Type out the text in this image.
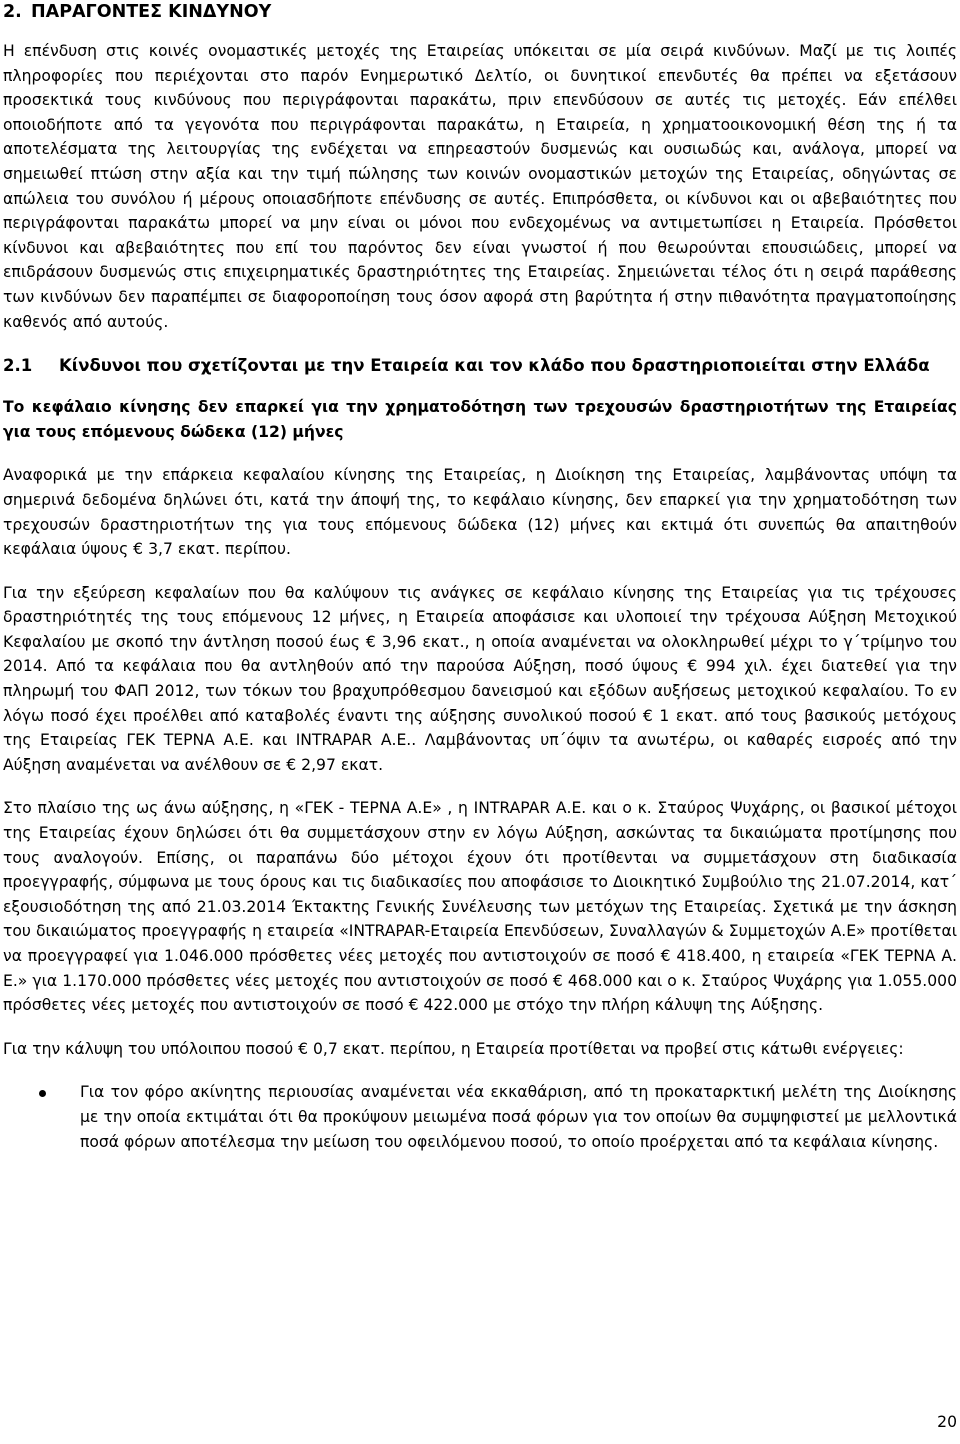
2. ΠΑΡΑΓΟΝΤΕΣ ΚΙΝΔΥΝΟΥ

Η επένδυση στις κοινές ονομαστικές μετοχές της Εταιρείας υπόκειται σε μία σειρά κινδύνων. Μαζί με τις λοιπές πληροφορίες που περιέχονται στο παρόν Ενημερωτικό Δελτίο, οι δυνητικοί επενδυτές θα πρέπει να εξετάσουν προσεκτικά τους κινδύνους που περιγράφονται παρακάτω, πριν επενδύσουν σε αυτές τις μετοχές. Εάν επέλθει οποιοδήποτε από τα γεγονότα που περιγράφονται παρακάτω, η Εταιρεία, η χρηματοοικονομική θέση της ή τα αποτελέσματα της λειτουργίας της ενδέχεται να επηρεαστούν δυσμενώς και ουσιωδώς και, ανάλογα, μπορεί να σημειωθεί πτώση στην αξία και την τιμή πώλησης των κοινών ονομαστικών μετοχών της Εταιρείας, οδηγώντας σε απώλεια του συνόλου ή μέρους οποιασδήποτε επένδυσης σε αυτές. Επιπρόσθετα, οι κίνδυνοι και οι αβεβαιότητες που περιγράφονται παρακάτω μπορεί να μην είναι οι μόνοι που ενδεχομένως να αντιμετωπίσει η Εταιρεία. Πρόσθετοι κίνδυνοι και αβεβαιότητες που επί του παρόντος δεν είναι γνωστοί ή που θεωρούνται επουσιώδεις, μπορεί να επιδράσουν δυσμενώς στις επιχειρηματικές δραστηριότητες της Εταιρείας. Σημειώνεται τέλος ότι η σειρά παράθεσης των κινδύνων δεν παραπέμπει σε διαφοροποίηση τους όσον αφορά στη βαρύτητα ή στην πιθανότητα πραγματοποίησης καθενός από αυτούς.

2.1	Κίνδυνοι που σχετίζονται με την Εταιρεία και τον κλάδο που δραστηριοποιείται στην Ελλάδα
Το κεφάλαιο κίνησης δεν επαρκεί για την χρηματοδότηση των τρεχουσών δραστηριοτήτων της Εταιρείας για τους επόμενους δώδεκα (12) μήνες

Αναφορικά με την επάρκεια κεφαλαίου κίνησης της Εταιρείας, η Διοίκηση της Εταιρείας, λαμβάνοντας υπόψη τα σημερινά δεδομένα δηλώνει ότι, κατά την άποψή της, το κεφάλαιο κίνησης, δεν επαρκεί για την χρηματοδότηση των τρεχουσών δραστηριοτήτων της για τους επόμενους δώδεκα (12) μήνες και εκτιμά ότι συνεπώς θα απαιτηθούν κεφάλαια ύψους € 3,7 εκατ. περίπου.

Για την εξεύρεση κεφαλαίων που θα καλύψουν τις ανάγκες σε κεφάλαιο κίνησης της Εταιρείας για τις τρέχουσες δραστηριότητές της τους επόμενους 12 μήνες, η Εταιρεία αποφάσισε και υλοποιεί την τρέχουσα Αύξηση Μετοχικού Κεφαλαίου με σκοπό την άντληση ποσού έως € 3,96 εκατ., η οποία αναμένεται να ολοκληρωθεί μέχρι το γ΄τρίμηνο του 2014. Από τα κεφάλαια που θα αντληθούν από την παρούσα Αύξηση, ποσό ύψους € 994 χιλ. έχει διατεθεί για την πληρωμή του ΦΑΠ 2012, των τόκων του βραχυπρόθεσμου δανεισμού και εξόδων αυξήσεως μετοχικού κεφαλαίου. Το εν λόγω ποσό έχει προέλθει από καταβολές έναντι της αύξησης συνολικού ποσού € 1 εκατ. από τους βασικούς μετόχους της Εταιρείας ΓΕΚ ΤΕΡΝΑ Α.Ε. και INTRAPAR Α.Ε.. Λαμβάνοντας υπ΄όψιν τα ανωτέρω, οι καθαρές εισροές από την Αύξηση αναμένεται να ανέλθουν σε € 2,97 εκατ.

Στο πλαίσιο της ως άνω αύξησης, η «ΓΕΚ - ΤΕΡΝΑ Α.Ε» , η INTRAPAR Α.Ε. και ο κ. Σταύρος Ψυχάρης, οι βασικοί μέτοχοι της Εταιρείας έχουν δηλώσει ότι θα συμμετάσχουν στην εν λόγω Αύξηση, ασκώντας τα δικαιώματα προτίμησης που τους αναλογούν. Επίσης, οι παραπάνω δύο μέτοχοι έχουν ότι προτίθενται να συμμετάσχουν στη διαδικασία προεγγραφής, σύμφωνα με τους όρους και τις διαδικασίες που αποφάσισε το Διοικητικό Συμβούλιο της 21.07.2014, κατ΄ εξουσιοδότηση της από 21.03.2014 Έκτακτης Γενικής Συνέλευσης των μετόχων της Εταιρείας. Σχετικά με την άσκηση του δικαιώματος προεγγραφής η εταιρεία «INTRAPAR-Εταιρεία Επενδύσεων, Συναλλαγών & Συμμετοχών Α.Ε» προτίθεται να προεγγραφεί για 1.046.000 πρόσθετες νέες μετοχές που αντιστοιχούν σε ποσό € 418.400, η εταιρεία «ΓΕΚ ΤΕΡΝΑ Α. Ε.» για 1.170.000 πρόσθετες νέες μετοχές που αντιστοιχούν σε ποσό € 468.000 και ο κ. Σταύρος Ψυχάρης για 1.055.000 πρόσθετες νέες μετοχές που αντιστοιχούν σε ποσό € 422.000 με στόχο την πλήρη κάλυψη της Αύξησης.

Για την κάλυψη του υπόλοιπου ποσού € 0,7 εκατ. περίπου, η Εταιρεία προτίθεται να προβεί στις κάτωθι ενέργειες:

Για τον φόρο ακίνητης περιουσίας αναμένεται νέα εκκαθάριση, από τη προκαταρκτική μελέτη της Διοίκησης με την οποία εκτιμάται ότι θα προκύψουν μειωμένα ποσά φόρων για τον οποίων θα συμψηφιστεί με μελλοντικά ποσά φόρων αποτέλεσμα την μείωση του οφειλόμενου ποσού, το οποίο προέρχεται από τα κεφάλαια κίνησης.
20
